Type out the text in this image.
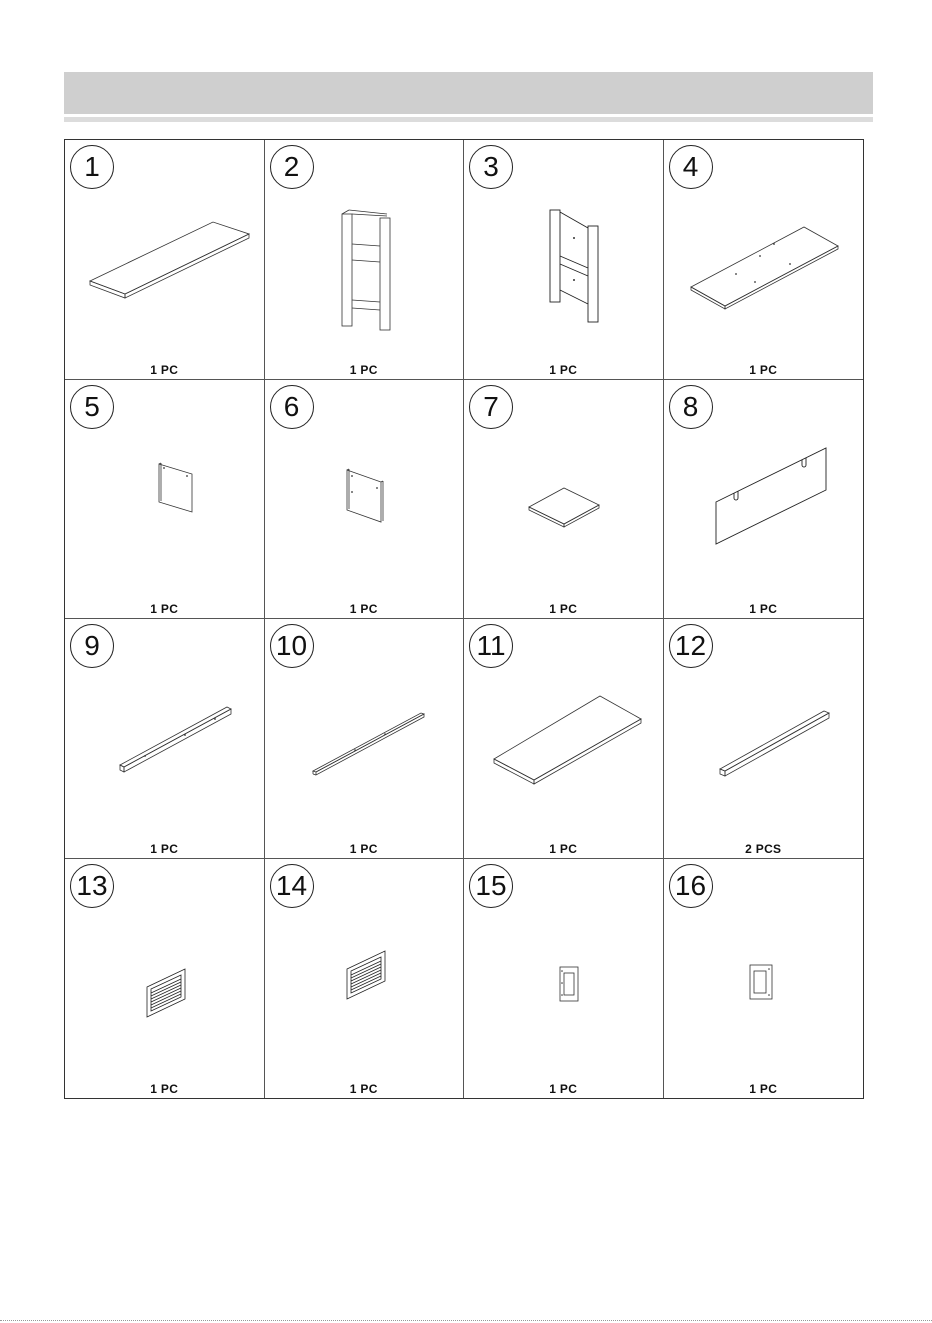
1
1 PC
2
1 PC
3
1 PC
4
1 PC
5
1 PC
6
1 PC
7
1 PC
8
1 PC
9
1 PC
10
1 PC
11
1 PC
12
2 PCS
13
1 PC
14
1 PC
15
1 PC
16
1 PC
